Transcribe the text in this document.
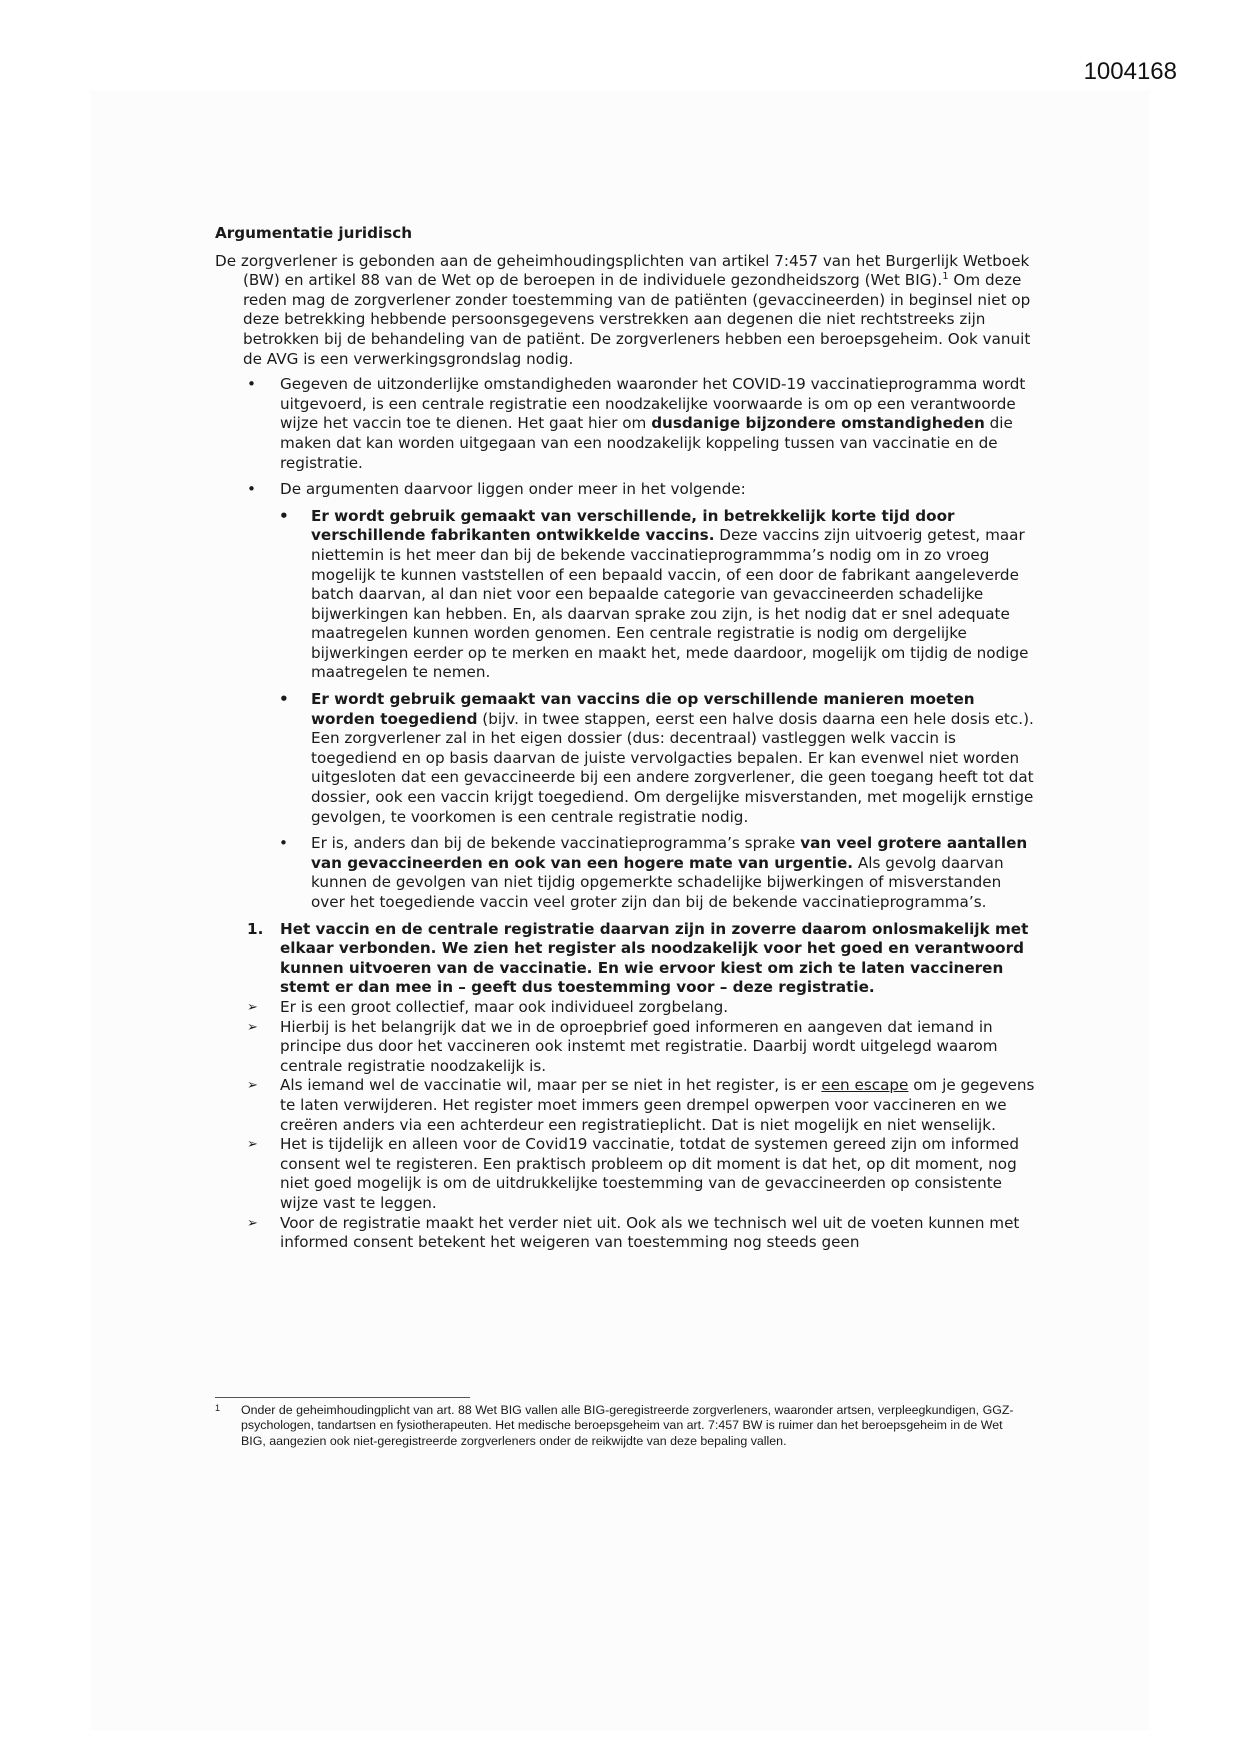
1004168

Argumentatie juridisch

De zorgverlener is gebonden aan de geheimhoudingsplichten van artikel 7:457 van het Burgerlijk Wetboek (BW) en artikel 88 van de Wet op de beroepen in de individuele gezondheidszorg (Wet BIG).$^1$ Om deze reden mag de zorgverlener zonder toestemming van de patiënten (gevaccineerden) in beginsel niet op deze betrekking hebbende persoonsgegevens verstrekken aan degenen die niet rechtstreeks zijn betrokken bij de behandeling van de patiënt. De zorgverleners hebben een beroepsgeheim. Ook vanuit de AVG is een verwerkingsgrondslag nodig.

• Gegeven de uitzonderlijke omstandigheden waaronder het COVID-19 vaccinatieprogramma wordt uitgevoerd, is een centrale registratie een noodzakelijke voorwaarde is om op een verantwoorde wijze het vaccin toe te dienen. Het gaat hier om dusdanige bijzondere omstandigheden die maken dat kan worden uitgegaan van een noodzakelijk koppeling tussen van vaccinatie en de registratie.
• De argumenten daarvoor liggen onder meer in het volgende:
• Er wordt gebruik gemaakt van verschillende, in betrekkelijk korte tijd door verschillende fabrikanten ontwikkelde vaccins. Deze vaccins zijn uitvoerig getest, maar niettemin is het meer dan bij de bekende vaccinatieprogrammma’s nodig om in zo vroeg mogelijk te kunnen vaststellen of een bepaald vaccin, of een door de fabrikant aangeleverde batch daarvan, al dan niet voor een bepaalde categorie van gevaccineerden schadelijke bijwerkingen kan hebben. En, als daarvan sprake zou zijn, is het nodig dat er snel adequate maatregelen kunnen worden genomen. Een centrale registratie is nodig om dergelijke bijwerkingen eerder op te merken en maakt het, mede daardoor, mogelijk om tijdig de nodige maatregelen te nemen.
• Er wordt gebruik gemaakt van vaccins die op verschillende manieren moeten worden toegediend (bijv. in twee stappen, eerst een halve dosis daarna een hele dosis etc.). Een zorgverlener zal in het eigen dossier (dus: decentraal) vastleggen welk vaccin is toegediend en op basis daarvan de juiste vervolgacties bepalen. Er kan evenwel niet worden uitgesloten dat een gevaccineerde bij een andere zorgverlener, die geen toegang heeft tot dat dossier, ook een vaccin krijgt toegediend. Om dergelijke misverstanden, met mogelijk ernstige gevolgen, te voorkomen is een centrale registratie nodig.
• Er is, anders dan bij de bekende vaccinatieprogramma’s sprake van veel grotere aantallen van gevaccineerden en ook van een hogere mate van urgentie. Als gevolg daarvan kunnen de gevolgen van niet tijdig opgemerkte schadelijke bijwerkingen of misverstanden over het toegediende vaccin veel groter zijn dan bij de bekende vaccinatieprogramma’s.
1. Het vaccin en de centrale registratie daarvan zijn in zoverre daarom onlosmakelijk met elkaar verbonden. We zien het register als noodzakelijk voor het goed en verantwoord kunnen uitvoeren van de vaccinatie. En wie ervoor kiest om zich te laten vaccineren stemt er dan mee in – geeft dus toestemming voor – deze registratie.
➢ Er is een groot collectief, maar ook individueel zorgbelang.
➢ Hierbij is het belangrijk dat we in de oproepbrief goed informeren en aangeven dat iemand in principe dus door het vaccineren ook instemt met registratie. Daarbij wordt uitgelegd waarom centrale registratie noodzakelijk is.
➢ Als iemand wel de vaccinatie wil, maar per se niet in het register, is er een escape om je gegevens te laten verwijderen. Het register moet immers geen drempel opwerpen voor vaccineren en we creëren anders via een achterdeur een registratieplicht. Dat is niet mogelijk en niet wenselijk.
➢ Het is tijdelijk en alleen voor de Covid19 vaccinatie, totdat de systemen gereed zijn om informed consent wel te registeren. Een praktisch probleem op dit moment is dat het, op dit moment, nog niet goed mogelijk is om de uitdrukkelijke toestemming van de gevaccineerden op consistente wijze vast te leggen.
➢ Voor de registratie maakt het verder niet uit. Ook als we technisch wel uit de voeten kunnen met informed consent betekent het weigeren van toestemming nog steeds geen
1 Onder de geheimhoudingplicht van art. 88 Wet BIG vallen alle BIG-geregistreerde zorgverleners, waaronder artsen, verpleegkundigen, GGZ-psychologen, tandartsen en fysiotherapeuten. Het medische beroepsgeheim van art. 7:457 BW is ruimer dan het beroepsgeheim in de Wet BIG, aangezien ook niet-geregistreerde zorgverleners onder de reikwijdte van deze bepaling vallen.
